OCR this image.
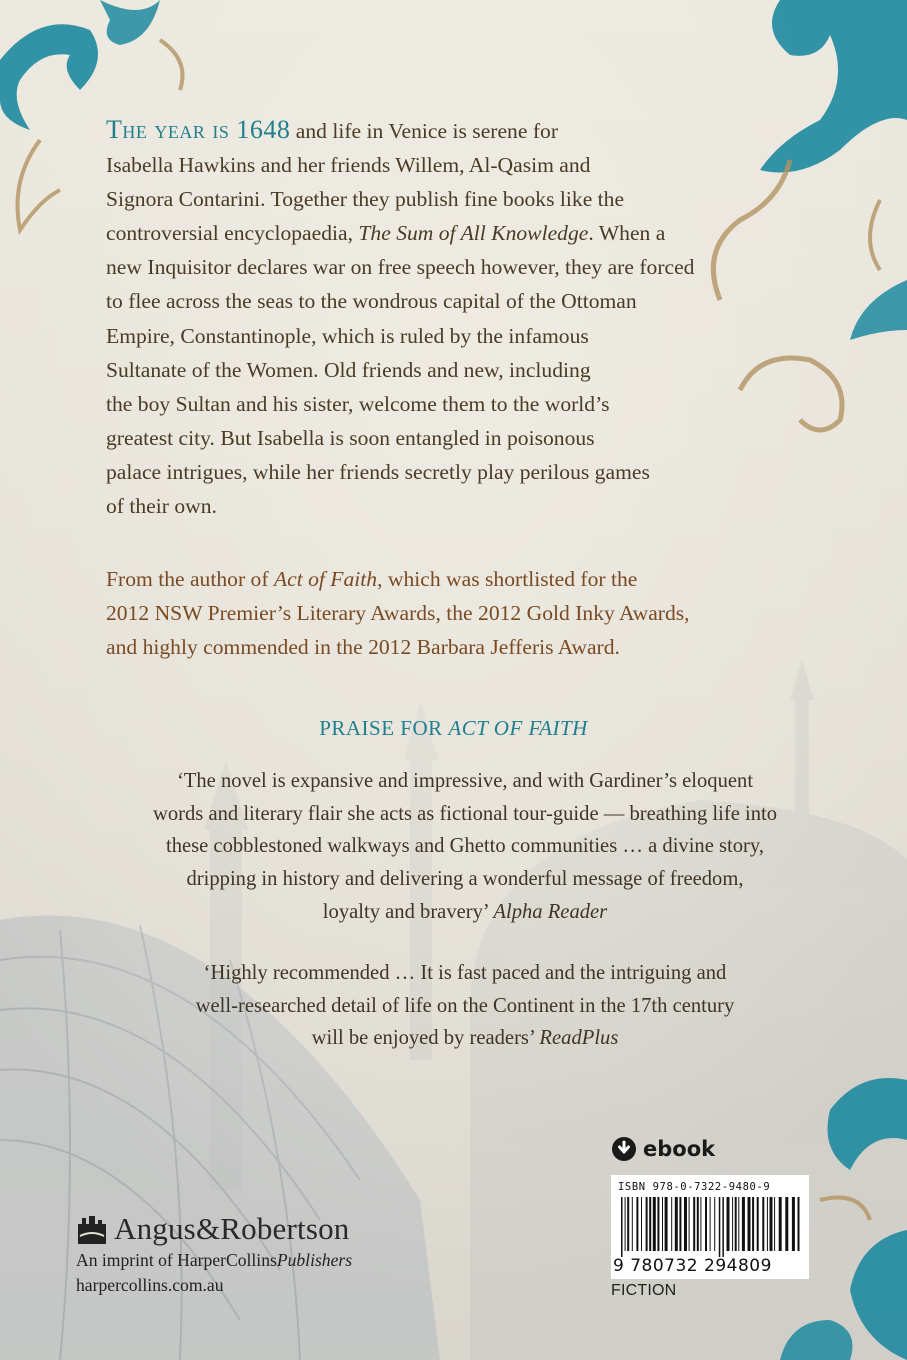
The year is 1648 and life in Venice is serene for
Isabella Hawkins and her friends Willem, Al-Qasim and
Signora Contarini. Together they publish fine books like the
controversial encyclopaedia, The Sum of All Knowledge. When a
new Inquisitor declares war on free speech however, they are forced
to flee across the seas to the wondrous capital of the Ottoman
Empire, Constantinople, which is ruled by the infamous
Sultanate of the Women. Old friends and new, including
the boy Sultan and his sister, welcome them to the world’s
greatest city. But Isabella is soon entangled in poisonous
palace intrigues, while her friends secretly play perilous games
of their own.
From the author of Act of Faith, which was shortlisted for the
2012 NSW Premier’s Literary Awards, the 2012 Gold Inky Awards,
and highly commended in the 2012 Barbara Jefferis Award.
PRAISE FOR ACT OF FAITH
‘The novel is expansive and impressive, and with Gardiner’s eloquent
words and literary flair she acts as fictional tour-guide — breathing life into
these cobblestoned walkways and Ghetto communities … a divine story,
dripping in history and delivering a wonderful message of freedom,
loyalty and bravery’ Alpha Reader
‘Highly recommended … It is fast paced and the intriguing and
well-researched detail of life on the Continent in the 17th century
will be enjoyed by readers’ ReadPlus
Angus&Robertson
An imprint of HarperCollinsPublishers
harpercollins.com.au
ebook
ISBN 978-0-7322-9480-9
9 780732 294809
FICTION
